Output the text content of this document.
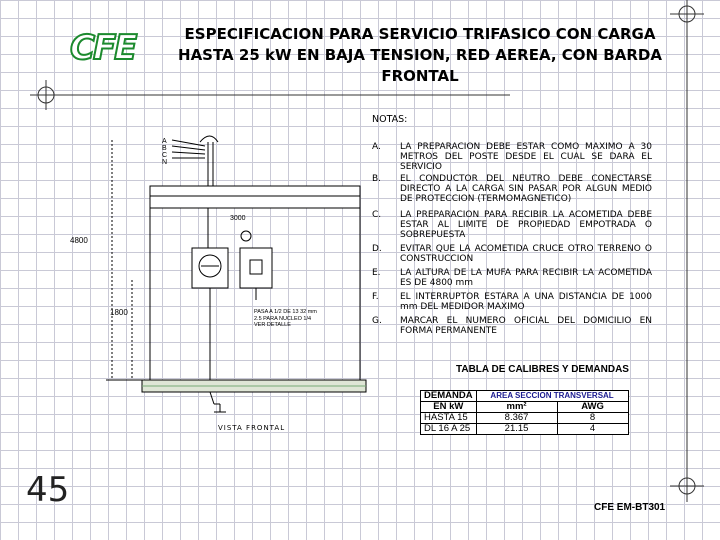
CFE	ESPECIFICACION PARA SERVICIO TRIFASICO CON CARGA
HASTA 25 kW EN BAJA TENSION, RED AEREA, CON BARDA
FRONTAL
A
B
C
N
3000
4800
1800	PASA A 1/2 DE 13 32 mm
2.5 PARA NUCLEO 1/4
VER DETALLE
VISTA FRONTAL
NOTAS:
A. LA PREPARACION DEBE ESTAR COMO MAXIMO A 30 METROS DEL POSTE DESDE EL CUAL SE DARA EL SERVICIO
B. EL CONDUCTOR DEL NEUTRO DEBE CONECTARSE DIRECTO A LA CARGA SIN PASAR POR ALGUN MEDIO DE PROTECCION (TERMOMAGNETICO)
C. LA PREPARACION PARA RECIBIR LA ACOMETIDA DEBE ESTAR AL LIMITE DE PROPIEDAD EMPOTRADA O SOBREPUESTA
D. EVITAR QUE LA ACOMETIDA CRUCE OTRO TERRENO O CONSTRUCCION
E. LA ALTURA DE LA MUFA PARA RECIBIR LA ACOMETIDA ES DE 4800 mm
F. EL INTERRUPTOR ESTARA A UNA DISTANCIA DE 1000 mm DEL MEDIDOR MAXIMO
G. MARCAR EL NUMERO OFICIAL DEL DOMICILIO EN FORMA PERMANENTE
TABLA DE CALIBRES Y DEMANDAS
DEMANDA	AREA SECCION TRANSVERSAL	
EN kW	mm²	AWG
HASTA 15	8.367	8
DL 16 A 25	21.15	4
45	CFE EM-BT301
